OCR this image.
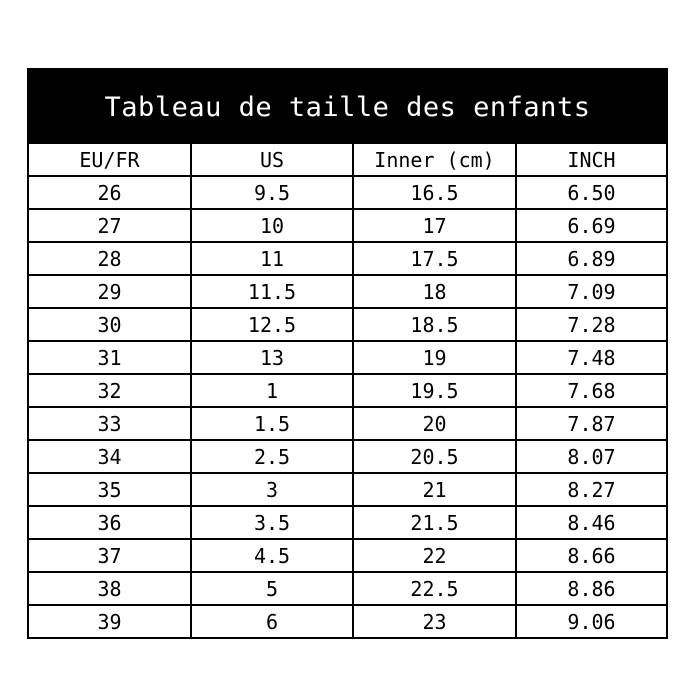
Tableau de taille des enfants
EU/FR	US	Inner (cm)	INCH
26	9.5	16.5	6.50
27	10	17	6.69
28	11	17.5	6.89
29	11.5	18	7.09
30	12.5	18.5	7.28
31	13	19	7.48
32	1	19.5	7.68
33	1.5	20	7.87
34	2.5	20.5	8.07
35	3	21	8.27
36	3.5	21.5	8.46
37	4.5	22	8.66
38	5	22.5	8.86
39	6	23	9.06
